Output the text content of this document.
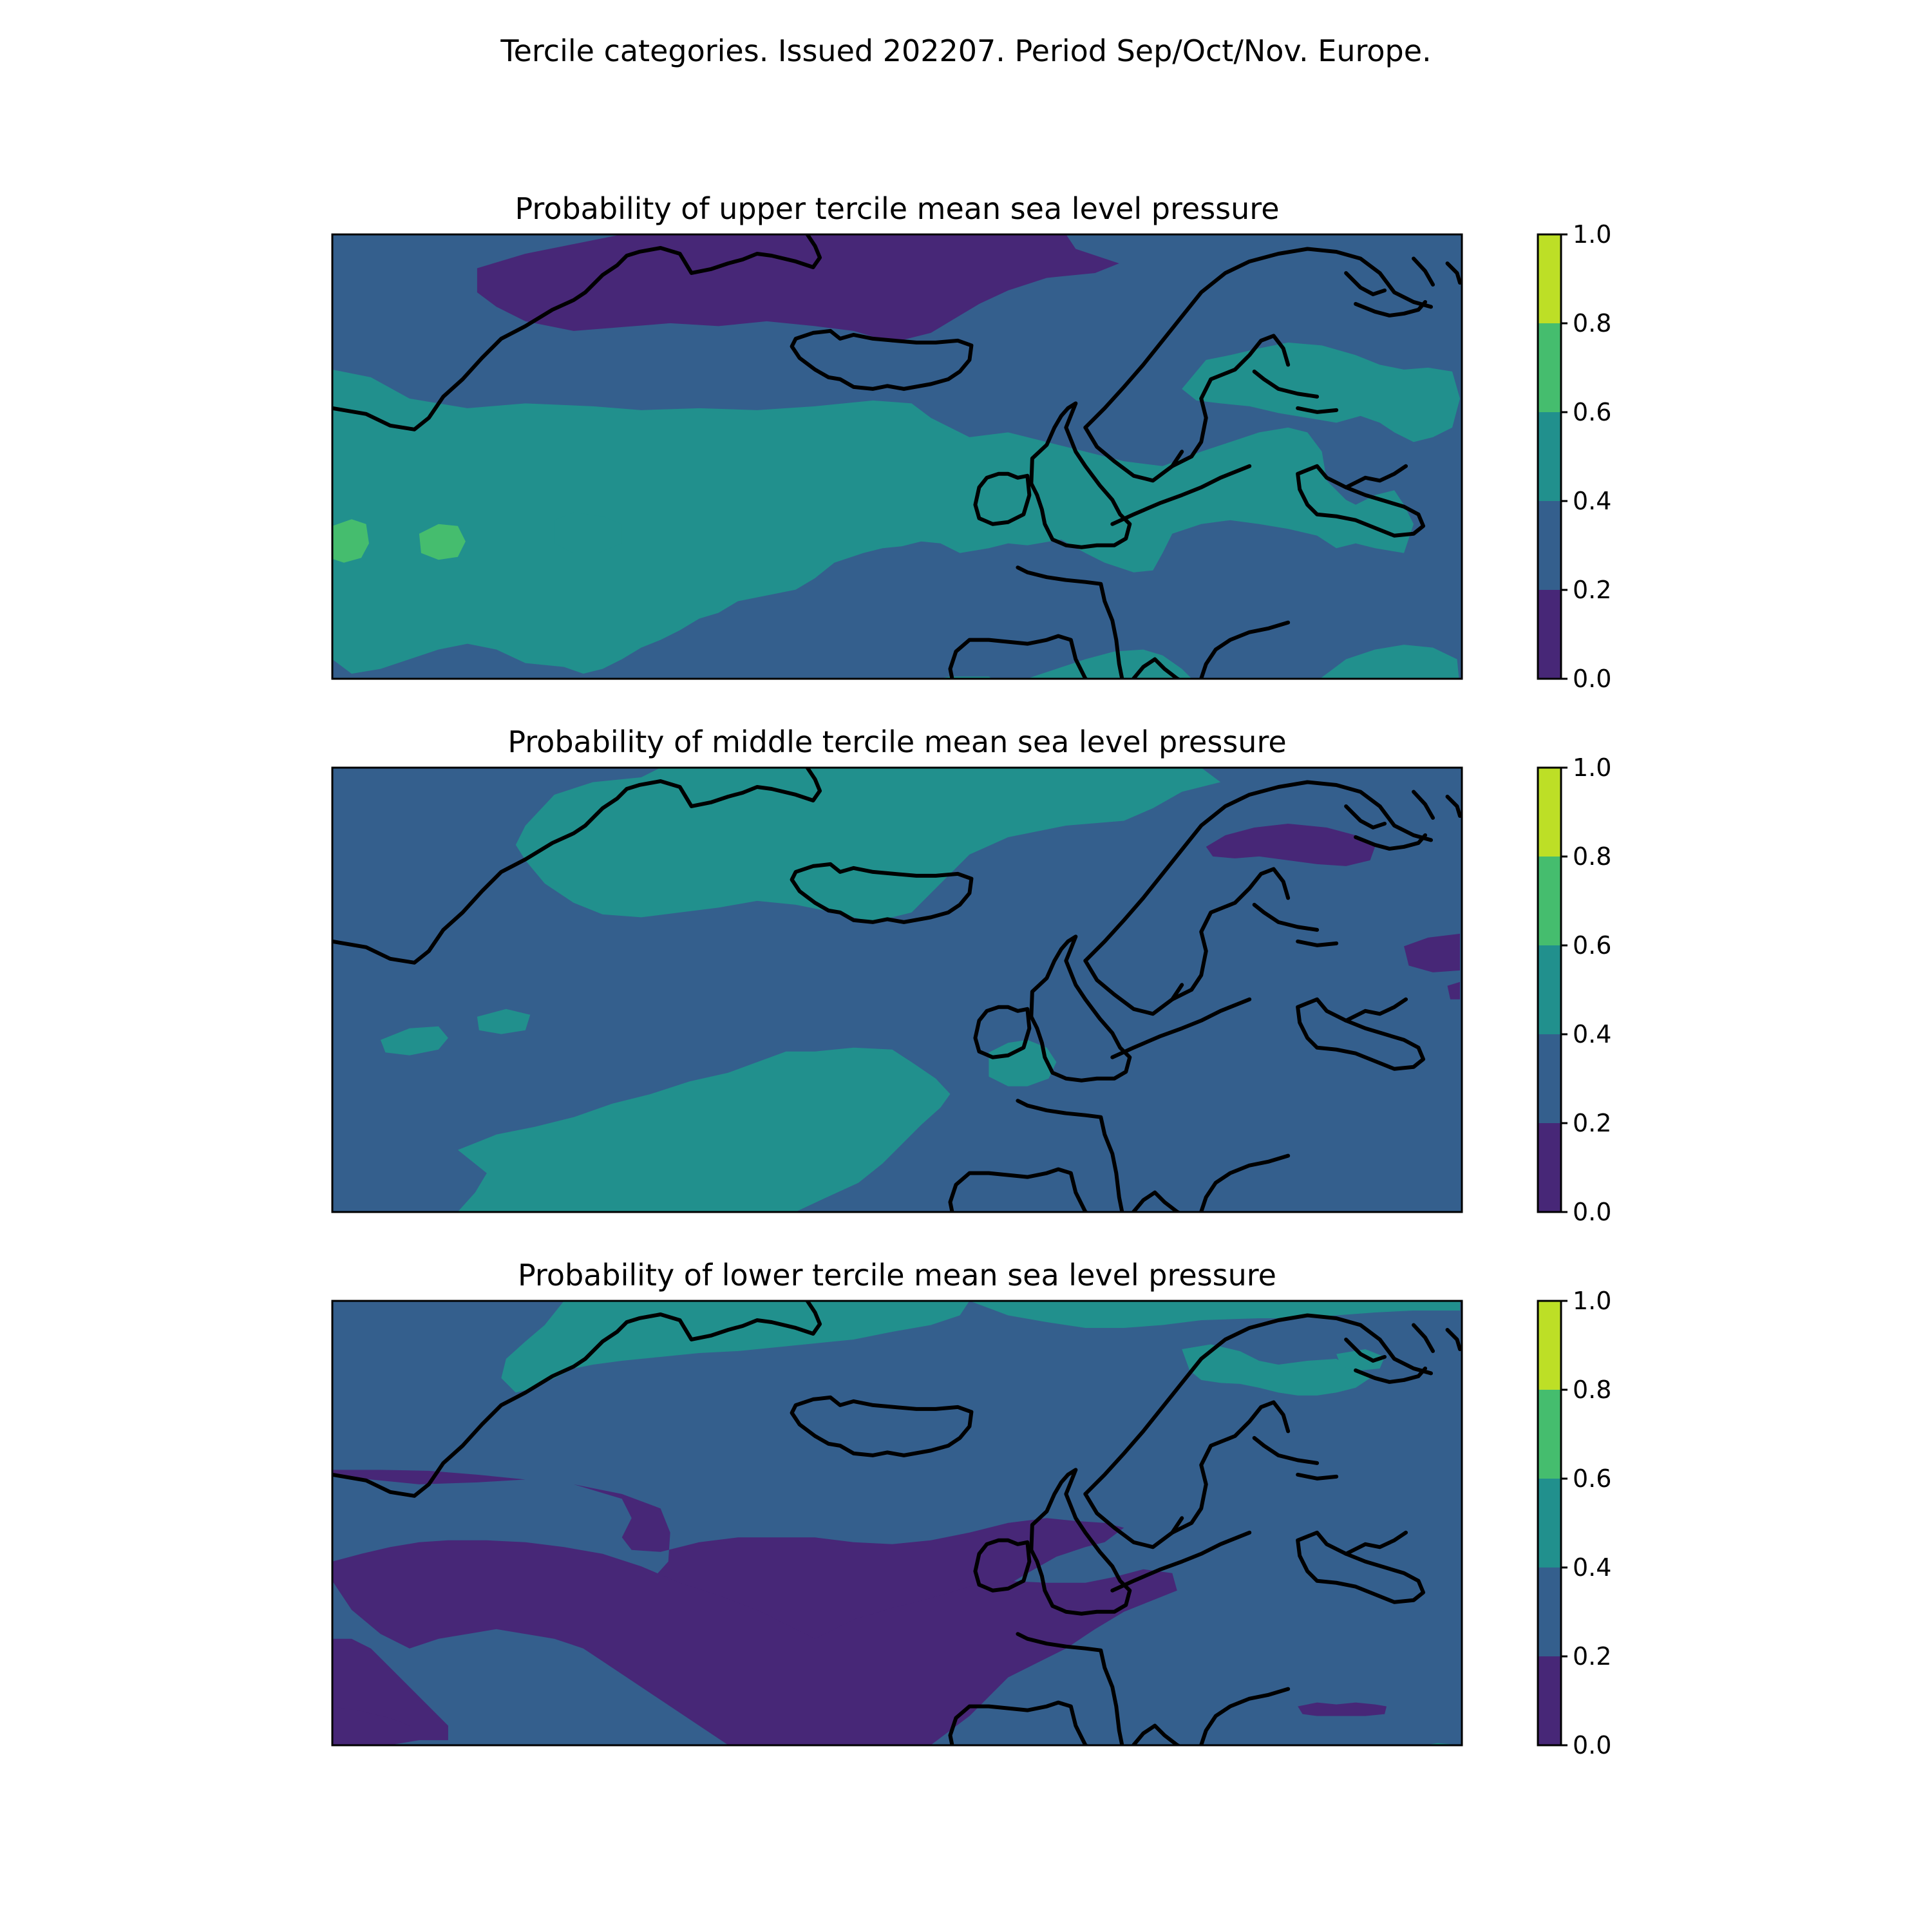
Tercile categories. Issued 202207. Period Sep/Oct/Nov. Europe.
Probability of upper tercile mean sea level pressure
0.0
0.2
0.4
0.6
0.8
1.0
Probability of middle tercile mean sea level pressure
0.0
0.2
0.4
0.6
0.8
1.0
Probability of lower tercile mean sea level pressure
0.0
0.2
0.4
0.6
0.8
1.0
